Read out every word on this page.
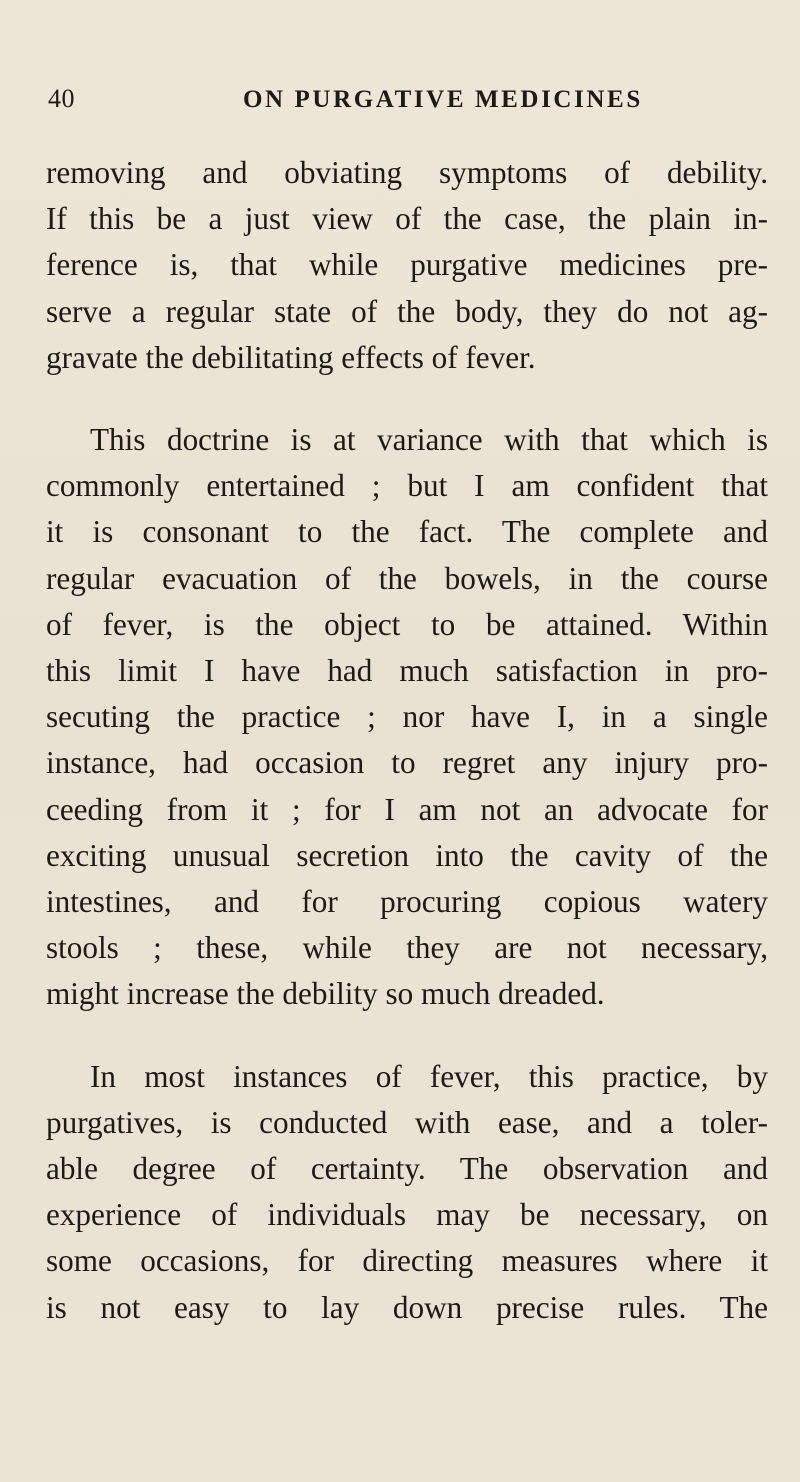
40	ON PURGATIVE MEDICINES

removing and obviating symptoms of debility.
If this be a just view of the case, the plain in-
ference is, that while purgative medicines pre-
serve a regular state of the body, they do not ag-
gravate the debilitating effects of fever.

This doctrine is at variance with that which is
commonly entertained ; but I am confident that
it is consonant to the fact. The complete and
regular evacuation of the bowels, in the course
of fever, is the object to be attained. Within
this limit I have had much satisfaction in pro-
secuting the practice ; nor have I, in a single
instance, had occasion to regret any injury pro-
ceeding from it ; for I am not an advocate for
exciting unusual secretion into the cavity of the
intestines, and for procuring copious watery
stools ; these, while they are not necessary,
might increase the debility so much dreaded.

In most instances of fever, this practice, by
purgatives, is conducted with ease, and a toler-
able degree of certainty. The observation and
experience of individuals may be necessary, on
some occasions, for directing measures where it
is not easy to lay down precise rules. The
